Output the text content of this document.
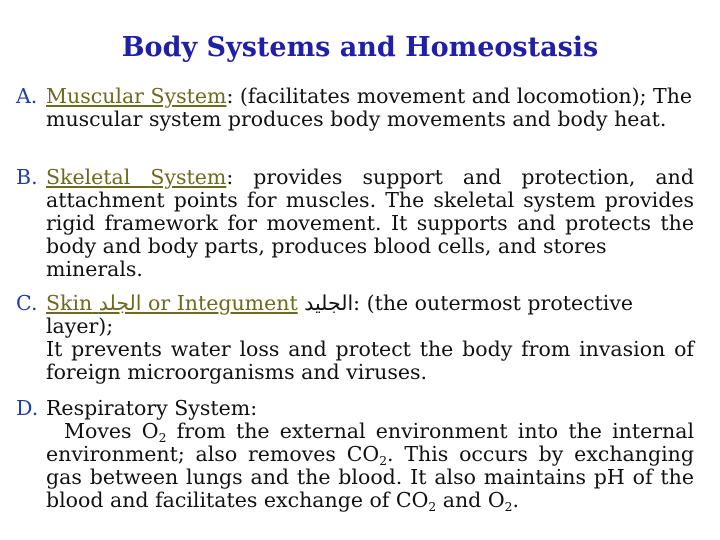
Body Systems and Homeostasis
A. Muscular System: (facilitates movement and locomotion); The
muscular system produces body movements and body heat.
B. Skeletal System: provides support and protection, and
attachment points for muscles. The skeletal system provides
rigid framework for movement. It supports and protects the
body and body parts, produces blood cells, and stores minerals.
C. Skin الجلد or Integument الجليد: (the outermost protective layer);
It prevents water loss and protect the body from invasion of
foreign microorganisms and viruses.
D. Respiratory System:
Moves $O_2$ from the external environment into the internal
environment; also removes $CO_2$. This occurs by exchanging
gas between lungs and the blood. It also maintains pH of the
blood and facilitates exchange of $CO_2$ and $O_2$.
